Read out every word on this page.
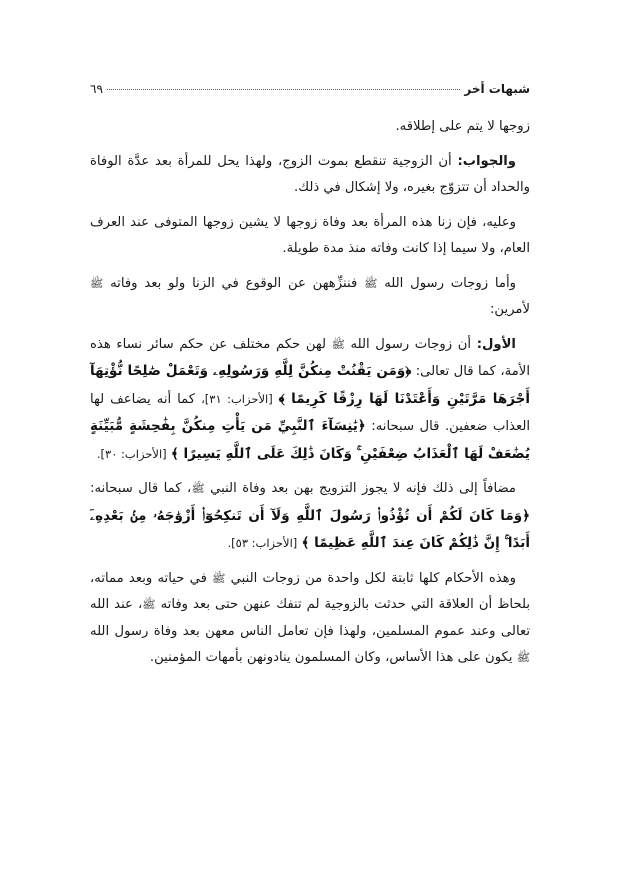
شبهات أخر
٦٩

زوجها لا يتم على إطلاقه.

والجواب: أن الزوجية تنقطع بموت الزوج، ولهذا يحل للمرأة بعد عدَّة الوفاة والحداد أن تتزوّج بغيره، ولا إشكال في ذلك.

وعليه، فإن زنا هذه المرأة بعد وفاة زوجها لا يشين زوجها المتوفى عند العرف العام، ولا سيما إذا كانت وفاته منذ مدة طويلة.

وأما زوجات رسول الله ﷺ فننزِّههن عن الوقوع في الزنا ولو بعد وفاته ﷺ لأمرين:

الأول: أن زوجات رسول الله ﷺ لهن حكم مختلف عن حكم سائر نساء هذه الأمة، كما قال تعالى: ﴿وَمَن يَقْنُتْ مِنكُنَّ لِلَّهِ وَرَسُولِهِۦ وَتَعْمَلْ صَٰلِحًا نُّؤْتِهَآ أَجْرَهَا مَرَّتَيْنِ وَأَعْتَدْنَا لَهَا رِزْقًا كَرِيمًا ﴾ [الأحزاب: ٣١]، كما أنه يضاعف لها العذاب ضعفين. قال سبحانه: ﴿يَٰنِسَآءَ ٱلنَّبِيِّ مَن يَأْتِ مِنكُنَّ بِفَٰحِشَةٍ مُّبَيِّنَةٍ يُضَٰعَفْ لَهَا ٱلْعَذَابُ ضِعْفَيْنِ ۚ وَكَانَ ذَٰلِكَ عَلَى ٱللَّهِ يَسِيرًا ﴾ [الأحزاب: ٣٠].

مضافاً إلى ذلك فإنه لا يجوز التزويج بهن بعد وفاة النبي ﷺ، كما قال سبحانه: ﴿وَمَا كَانَ لَكُمْ أَن تُؤْذُوا۟ رَسُولَ ٱللَّهِ وَلَآ أَن تَنكِحُوٓا۟ أَزْوَٰجَهُۥ مِنۢ بَعْدِهِۦٓ أَبَدًا ۚ إِنَّ ذَٰلِكُمْ كَانَ عِندَ ٱللَّهِ عَظِيمًا ﴾ [الأحزاب: ٥٣].

وهذه الأحكام كلها ثابتة لكل واحدة من زوجات النبي ﷺ في حياته وبعد مماته، بلحاظ أن العلاقة التي حدثت بالزوجية لم تنفك عنهن حتى بعد وفاته ﷺ، عند الله تعالى وعند عموم المسلمين، ولهذا فإن تعامل الناس معهن بعد وفاة رسول الله ﷺ يكون على هذا الأساس، وكان المسلمون ينادونهن بأمهات المؤمنين.
